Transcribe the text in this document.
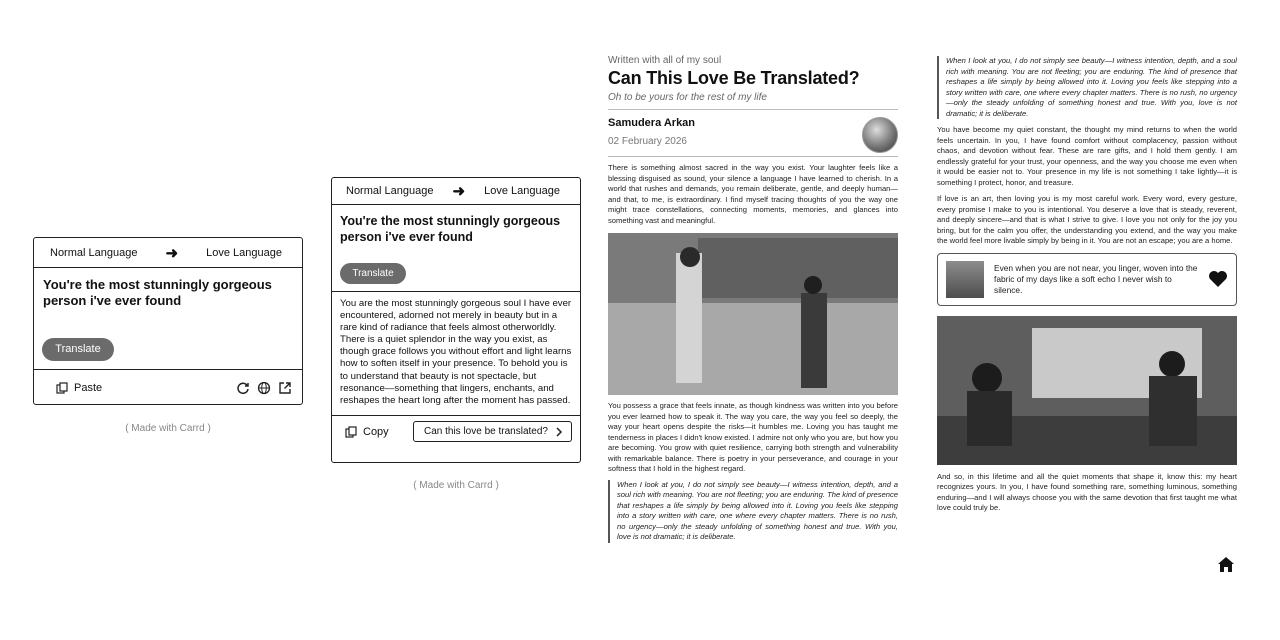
Normal Language ➜	Love Language
You're the most stunningly gorgeous person i've ever found
Translate
Paste
( Made with Carrd )
Normal Language ➜ Love Language
You're the most stunningly gorgeous person i've ever found
Translate
You are the most stunningly gorgeous soul I have ever encountered, adorned not merely in beauty but in a rare kind of radiance that feels almost otherworldly. There is a quiet splendor in the way you exist, as though grace follows you without effort and light learns how to soften itself in your presence. To behold you is to understand that beauty is not spectacle, but resonance—something that lingers, enchants, and reshapes the heart long after the moment has passed.
Copy	Can this love be translated?
( Made with Carrd )
Written with all of my soul
Can This Love Be Translated?
Oh to be yours for the rest of my life
Samudera Arkan
02 February 2026
There is something almost sacred in the way you exist. Your laughter feels like a blessing disguised as sound, your silence a language I have learned to cherish. In a world that rushes and demands, you remain deliberate, gentle, and deeply human—and that, to me, is extraordinary. I find myself tracing thoughts of you the way one might trace constellations, connecting moments, memories, and glances into something vast and meaningful.
You possess a grace that feels innate, as though kindness was written into you before you ever learned how to speak it. The way you care, the way you feel so deeply, the way your heart opens despite the risks—it humbles me. Loving you has taught me tenderness in places I didn't know existed. I admire not only who you are, but how you are becoming. You grow with quiet resilience, carrying both strength and vulnerability with remarkable balance. There is poetry in your perseverance, and courage in your softness that I hold in the highest regard.
When I look at you, I do not simply see beauty—I witness intention, depth, and a soul rich with meaning. You are not fleeting; you are enduring. The kind of presence that reshapes a life simply by being allowed into it. Loving you feels like stepping into a story written with care, one where every chapter matters. There is no rush, no urgency—only the steady unfolding of something honest and true. With you, love is not dramatic; it is deliberate.
When I look at you, I do not simply see beauty—I witness intention, depth, and a soul rich with meaning. You are not fleeting; you are enduring. The kind of presence that reshapes a life simply by being allowed into it. Loving you feels like stepping into a story written with care, one where every chapter matters. There is no rush, no urgency—only the steady unfolding of something honest and true. With you, love is not dramatic; it is deliberate.
You have become my quiet constant, the thought my mind returns to when the world feels uncertain. In you, I have found comfort without complacency, passion without chaos, and devotion without fear. These are rare gifts, and I hold them gently. I am endlessly grateful for your trust, your openness, and the way you choose me even when it would be easier not to. Your presence in my life is not something I take lightly—it is something I protect, honor, and treasure.
If love is an art, then loving you is my most careful work. Every word, every gesture, every promise I make to you is intentional. You deserve a love that is steady, reverent, and deeply sincere—and that is what I strive to give. I love you not only for the joy you bring, but for the calm you offer, the understanding you extend, and the way you make the world feel more livable simply by being in it. You are not an escape; you are a home.
Even when you are not near, you linger, woven into the fabric of my days like a soft echo I never wish to silence.
And so, in this lifetime and all the quiet moments that shape it, know this: my heart recognizes yours. In you, I have found something rare, something luminous, something enduring—and I will always choose you with the same devotion that first taught me what love could truly be.
